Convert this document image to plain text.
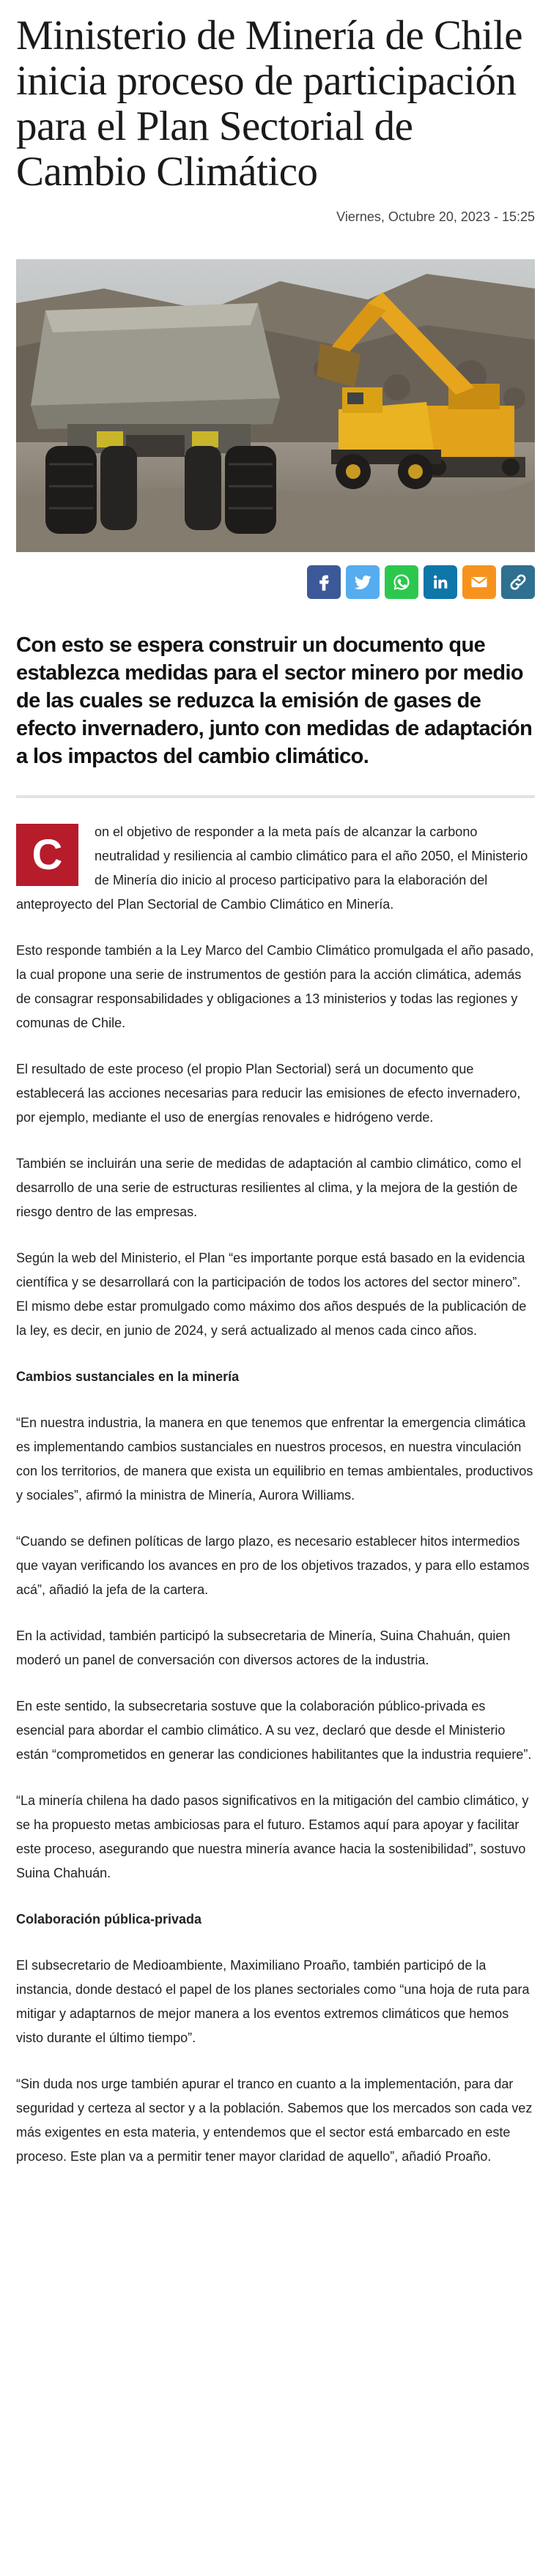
Ministerio de Minería de Chile inicia proceso de participación para el Plan Sectorial de Cambio Climático
Viernes, Octubre 20, 2023 - 15:25
Con esto se espera construir un documento que establezca medidas para el sector minero por medio de las cuales se reduzca la emisión de gases de efecto invernadero, junto con medidas de adaptación a los impactos del cambio climático.

C	on el objetivo de responder a la meta país de alcanzar la carbono neutralidad y resiliencia al cambio climático para el año 2050, el Ministerio de Minería dio inicio al proceso participativo para la elaboración del anteproyecto del Plan Sectorial de Cambio Climático en Minería.

Esto responde también a la Ley Marco del Cambio Climático promulgada el año pasado, la cual propone una serie de instrumentos de gestión para la acción climática, además de consagrar responsabilidades y obligaciones a 13 ministerios y todas las regiones y comunas de Chile.

El resultado de este proceso (el propio Plan Sectorial) será un documento que establecerá las acciones necesarias para reducir las emisiones de efecto invernadero, por ejemplo, mediante el uso de energías renovales e hidrógeno verde.

También se incluirán una serie de medidas de adaptación al cambio climático, como el desarrollo de una serie de estructuras resilientes al clima, y la mejora de la gestión de riesgo dentro de las empresas.

Según la web del Ministerio, el Plan “es importante porque está basado en la evidencia científica y se desarrollará con la participación de todos los actores del sector minero”. El mismo debe estar promulgado como máximo dos años después de la publicación de la ley, es decir, en junio de 2024, y será actualizado al menos cada cinco años.

Cambios sustanciales en la minería

“En nuestra industria, la manera en que tenemos que enfrentar la emergencia climática es implementando cambios sustanciales en nuestros procesos, en nuestra vinculación con los territorios, de manera que exista un equilibrio en temas ambientales, productivos y sociales”, afirmó la ministra de Minería, Aurora Williams.

“Cuando se definen políticas de largo plazo, es necesario establecer hitos intermedios que vayan verificando los avances en pro de los objetivos trazados, y para ello estamos acá”, añadió la jefa de la cartera.

En la actividad, también participó la subsecretaria de Minería, Suina Chahuán, quien moderó un panel de conversación con diversos actores de la industria.

En este sentido, la subsecretaria sostuve que la colaboración público-privada es esencial para abordar el cambio climático. A su vez, declaró que desde el Ministerio están “comprometidos en generar las condiciones habilitantes que la industria requiere”.

“La minería chilena ha dado pasos significativos en la mitigación del cambio climático, y se ha propuesto metas ambiciosas para el futuro. Estamos aquí para apoyar y facilitar este proceso, asegurando que nuestra minería avance hacia la sostenibilidad”, sostuvo Suina Chahuán.

Colaboración pública-privada

El subsecretario de Medioambiente, Maximiliano Proaño, también participó de la instancia, donde destacó el papel de los planes sectoriales como “una hoja de ruta para mitigar y adaptarnos de mejor manera a los eventos extremos climáticos que hemos visto durante el último tiempo”.

“Sin duda nos urge también apurar el tranco en cuanto a la implementación, para dar seguridad y certeza al sector y a la población. Sabemos que los mercados son cada vez más exigentes en esta materia, y entendemos que el sector está embarcado en este proceso. Este plan va a permitir tener mayor claridad de aquello”, añadió Proaño.
